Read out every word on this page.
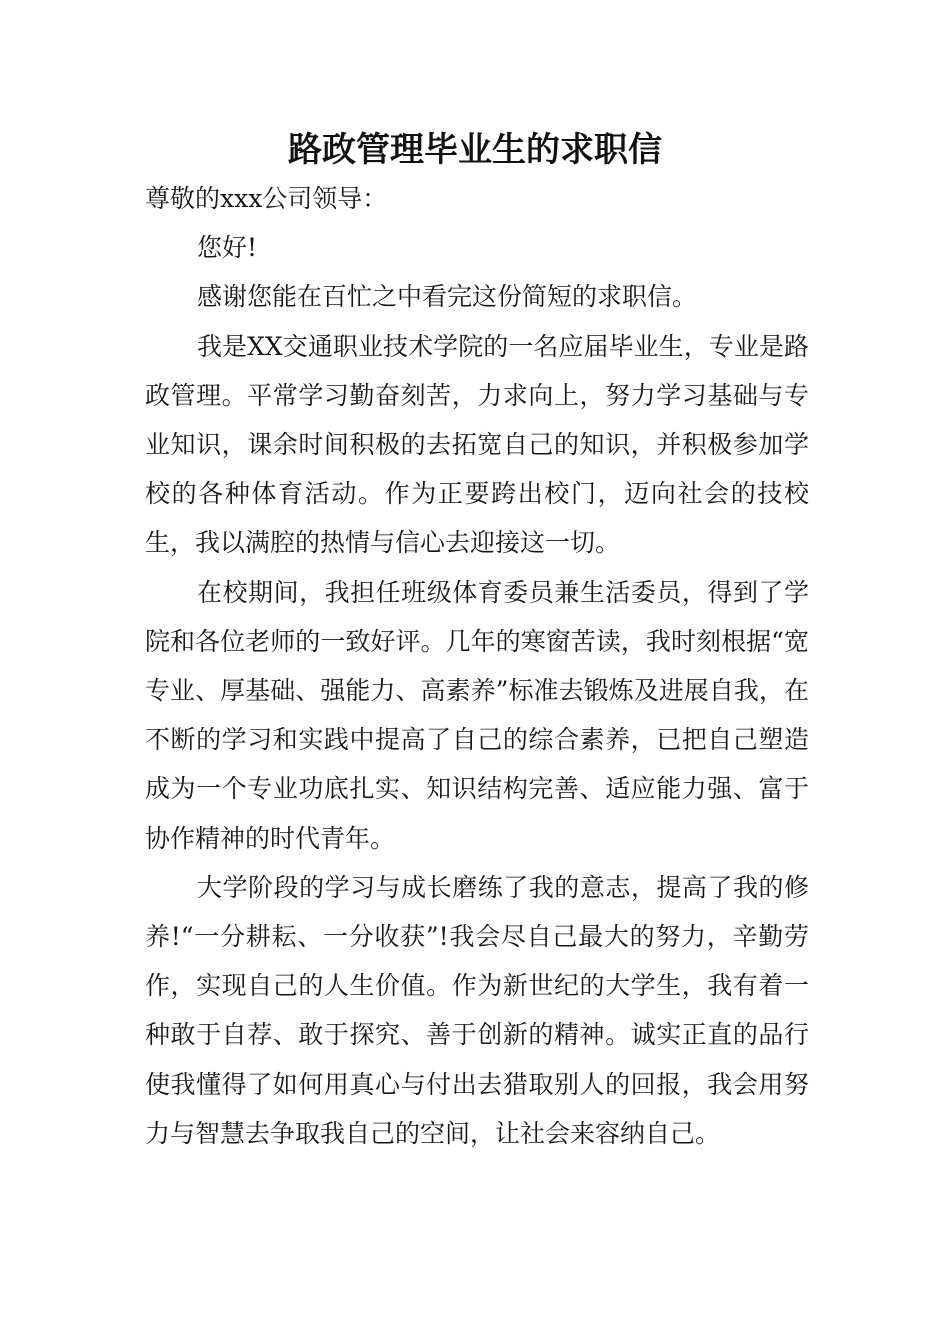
路政管理毕业生的求职信

尊敬的xxx公司领导：

您好!

感谢您能在百忙之中看完这份简短的求职信。

我是XX交通职业技术学院的一名应届毕业生，专业是路政管理。平常学习勤奋刻苦，力求向上，努力学习基础与专业知识，课余时间积极的去拓宽自己的知识，并积极参加学校的各种体育活动。作为正要跨出校门，迈向社会的技校生，我以满腔的热情与信心去迎接这一切。

在校期间，我担任班级体育委员兼生活委员，得到了学院和各位老师的一致好评。几年的寒窗苦读，我时刻根据“宽专业、厚基础、强能力、高素养”标准去锻炼及进展自我，在不断的学习和实践中提高了自己的综合素养，已把自己塑造成为一个专业功底扎实、知识结构完善、适应能力强、富于协作精神的时代青年。

大学阶段的学习与成长磨练了我的意志，提高了我的修养!“一分耕耘、一分收获”!我会尽自己最大的努力，辛勤劳作，实现自己的人生价值。作为新世纪的大学生，我有着一种敢于自荐、敢于探究、善于创新的精神。诚实正直的品行使我懂得了如何用真心与付出去猎取别人的回报，我会用努力与智慧去争取我自己的空间，让社会来容纳自己。
